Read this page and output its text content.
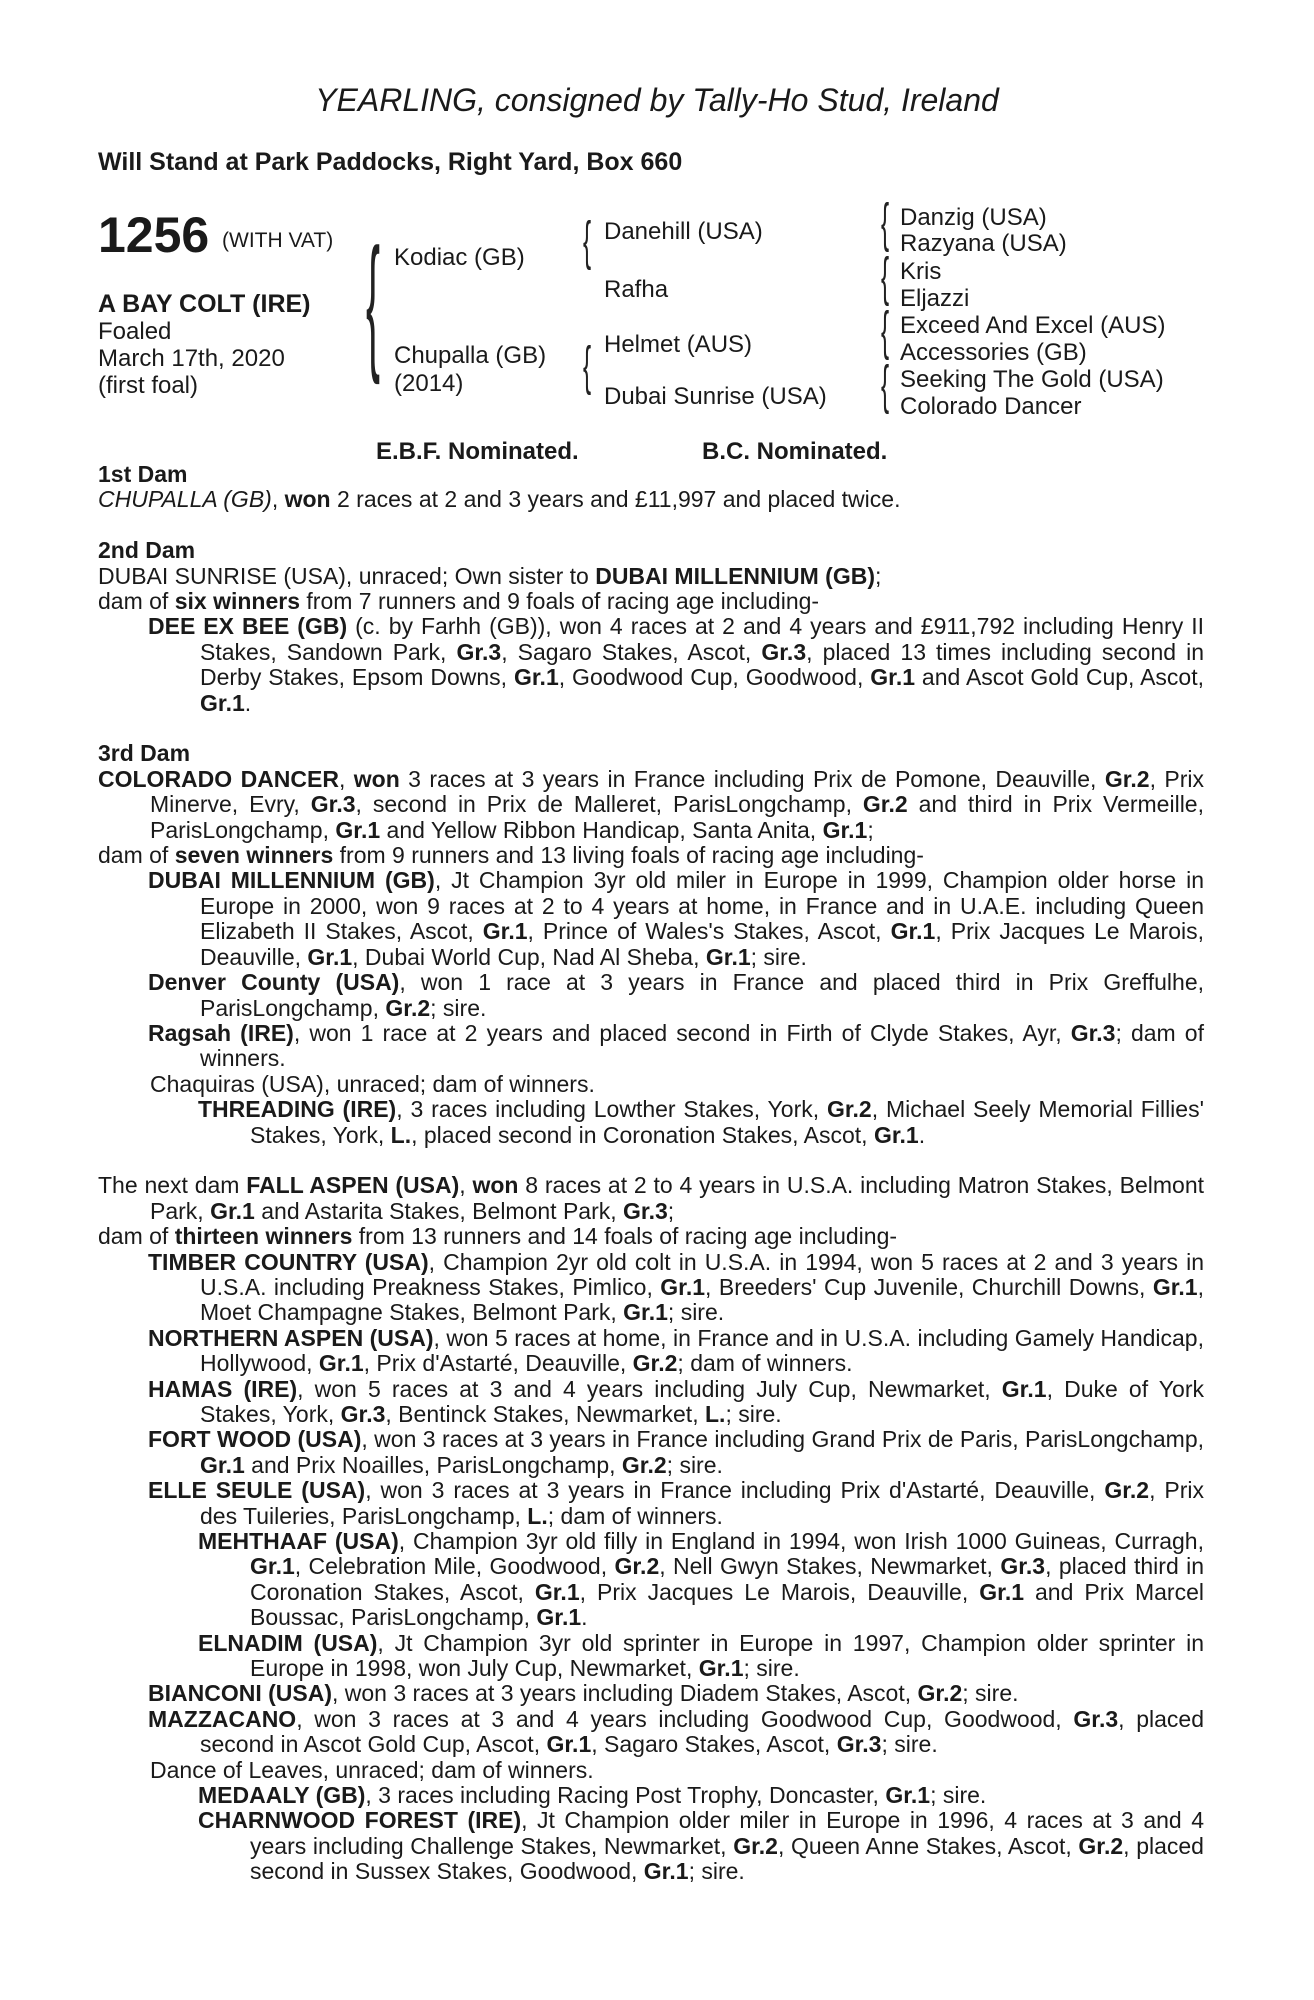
YEARLING, consigned by Tally-Ho Stud, Ireland
Will Stand at Park Paddocks, Right Yard, Box 660
1256 (WITH VAT)
A BAY COLT (IRE)
Foaled
March 17th, 2020
(first foal)
{	{
{
{
{
{
{
Kodiac (GB)
Chupalla (GB)
(2014)
Danehill (USA)
Rafha
Helmet (AUS)
Dubai Sunrise (USA)
Danzig (USA)
Razyana (USA)
Kris
Eljazzi
Exceed And Excel (AUS)
Accessories (GB)
Seeking The Gold (USA)
Colorado Dancer
E.B.F. Nominated.	B.C. Nominated.

1st Dam

CHUPALLA (GB), won 2 races at 2 and 3 years and £11,997 and placed twice.

2nd Dam

DUBAI SUNRISE (USA), unraced; Own sister to DUBAI MILLENNIUM (GB);

dam of six winners from 7 runners and 9 foals of racing age including-

DEE EX BEE (GB) (c. by Farhh (GB)), won 4 races at 2 and 4 years and £911,792 including Henry II Stakes, Sandown Park, Gr.3, Sagaro Stakes, Ascot, Gr.3, placed 13 times including second in Derby Stakes, Epsom Downs, Gr.1, Goodwood Cup, Goodwood, Gr.1 and Ascot Gold Cup, Ascot, Gr.1.

3rd Dam

COLORADO DANCER, won 3 races at 3 years in France including Prix de Pomone, Deauville, Gr.2, Prix Minerve, Evry, Gr.3, second in Prix de Malleret, ParisLongchamp, Gr.2 and third in Prix Vermeille, ParisLongchamp, Gr.1 and Yellow Ribbon Handicap, Santa Anita, Gr.1;

dam of seven winners from 9 runners and 13 living foals of racing age including-

DUBAI MILLENNIUM (GB), Jt Champion 3yr old miler in Europe in 1999, Champion older horse in Europe in 2000, won 9 races at 2 to 4 years at home, in France and in U.A.E. including Queen Elizabeth II Stakes, Ascot, Gr.1, Prince of Wales's Stakes, Ascot, Gr.1, Prix Jacques Le Marois, Deauville, Gr.1, Dubai World Cup, Nad Al Sheba, Gr.1; sire.

Denver County (USA), won 1 race at 3 years in France and placed third in Prix Greffulhe, ParisLongchamp, Gr.2; sire.

Ragsah (IRE), won 1 race at 2 years and placed second in Firth of Clyde Stakes, Ayr, Gr.3; dam of winners.

Chaquiras (USA), unraced; dam of winners.

THREADING (IRE), 3 races including Lowther Stakes, York, Gr.2, Michael Seely Memorial Fillies' Stakes, York, L., placed second in Coronation Stakes, Ascot, Gr.1.

The next dam FALL ASPEN (USA), won 8 races at 2 to 4 years in U.S.A. including Matron Stakes, Belmont Park, Gr.1 and Astarita Stakes, Belmont Park, Gr.3;

dam of thirteen winners from 13 runners and 14 foals of racing age including-

TIMBER COUNTRY (USA), Champion 2yr old colt in U.S.A. in 1994, won 5 races at 2 and 3 years in U.S.A. including Preakness Stakes, Pimlico, Gr.1, Breeders' Cup Juvenile, Churchill Downs, Gr.1, Moet Champagne Stakes, Belmont Park, Gr.1; sire.

NORTHERN ASPEN (USA), won 5 races at home, in France and in U.S.A. including Gamely Handicap, Hollywood, Gr.1, Prix d'Astarté, Deauville, Gr.2; dam of winners.

HAMAS (IRE), won 5 races at 3 and 4 years including July Cup, Newmarket, Gr.1, Duke of York Stakes, York, Gr.3, Bentinck Stakes, Newmarket, L.; sire.

FORT WOOD (USA), won 3 races at 3 years in France including Grand Prix de Paris, ParisLongchamp, Gr.1 and Prix Noailles, ParisLongchamp, Gr.2; sire.

ELLE SEULE (USA), won 3 races at 3 years in France including Prix d'Astarté, Deauville, Gr.2, Prix des Tuileries, ParisLongchamp, L.; dam of winners.

MEHTHAAF (USA), Champion 3yr old filly in England in 1994, won Irish 1000 Guineas, Curragh, Gr.1, Celebration Mile, Goodwood, Gr.2, Nell Gwyn Stakes, Newmarket, Gr.3, placed third in Coronation Stakes, Ascot, Gr.1, Prix Jacques Le Marois, Deauville, Gr.1 and Prix Marcel Boussac, ParisLongchamp, Gr.1.

ELNADIM (USA), Jt Champion 3yr old sprinter in Europe in 1997, Champion older sprinter in Europe in 1998, won July Cup, Newmarket, Gr.1; sire.

BIANCONI (USA), won 3 races at 3 years including Diadem Stakes, Ascot, Gr.2; sire.

MAZZACANO, won 3 races at 3 and 4 years including Goodwood Cup, Goodwood, Gr.3, placed second in Ascot Gold Cup, Ascot, Gr.1, Sagaro Stakes, Ascot, Gr.3; sire.

Dance of Leaves, unraced; dam of winners.

MEDAALY (GB), 3 races including Racing Post Trophy, Doncaster, Gr.1; sire.

CHARNWOOD FOREST (IRE), Jt Champion older miler in Europe in 1996, 4 races at 3 and 4 years including Challenge Stakes, Newmarket, Gr.2, Queen Anne Stakes, Ascot, Gr.2, placed second in Sussex Stakes, Goodwood, Gr.1; sire.
